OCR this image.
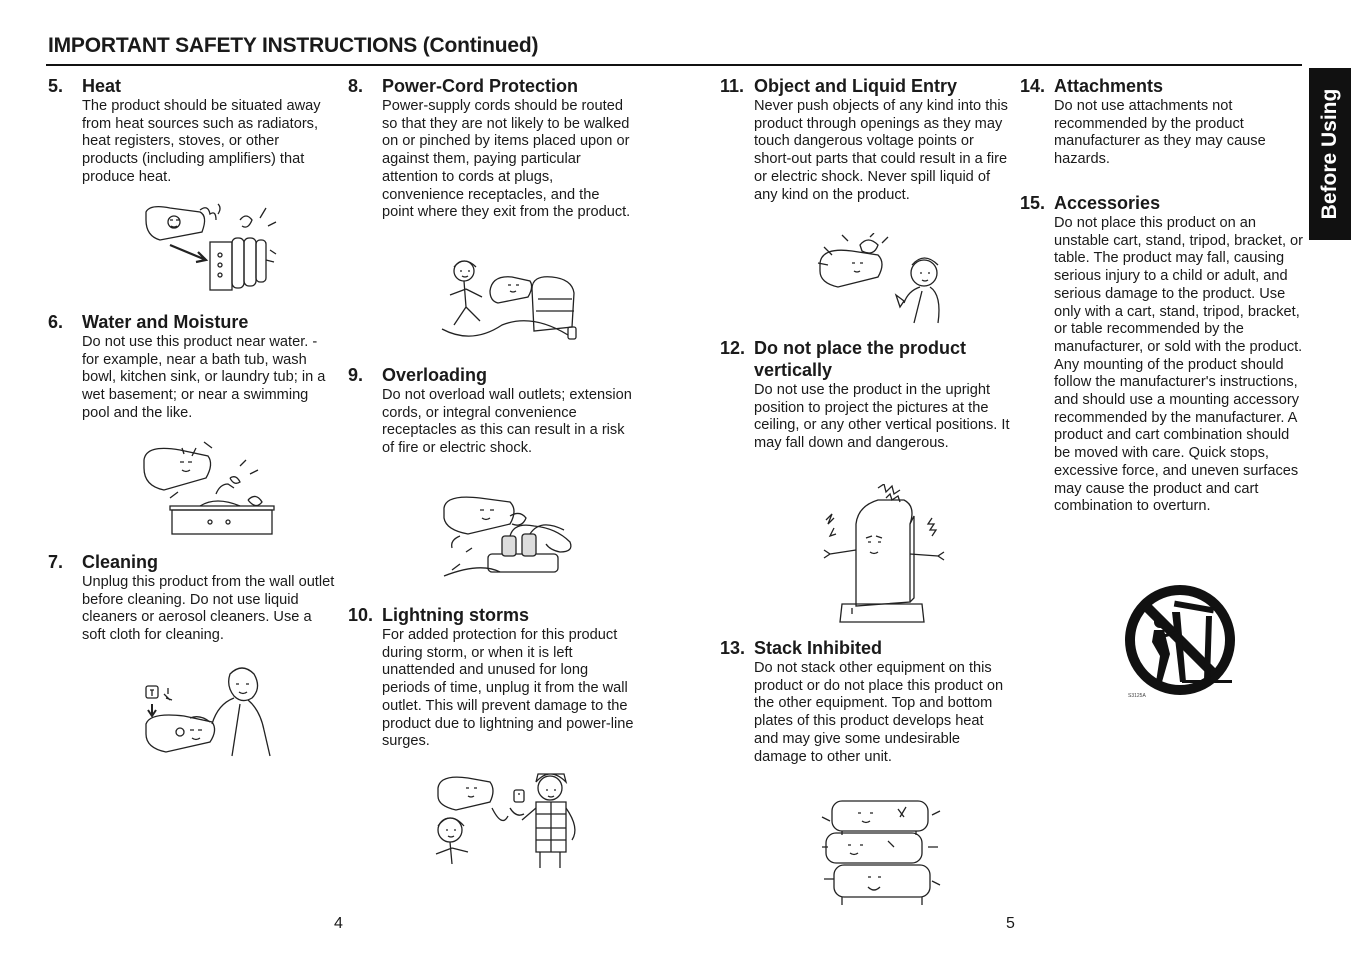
IMPORTANT SAFETY INSTRUCTIONS (Continued)
Before Using
5. Heat
The product should be situated away from heat sources such as radiators, heat registers, stoves, or other products (including amplifiers) that produce heat.
6. Water and Moisture
Do not use this product near water. - for example, near a bath tub, wash bowl, kitchen sink, or laundry tub; in a wet basement; or near a swimming pool and the like.
7. Cleaning
Unplug this product from the wall outlet before cleaning. Do not use liquid cleaners or aerosol cleaners. Use a soft cloth for cleaning.
8. Power-Cord Protection
Power-supply cords should be routed so that they are not likely to be walked on or pinched by items placed upon or against them, paying particular attention to cords at plugs, convenience receptacles, and the point where they exit from the product.
9. Overloading
Do not overload wall outlets; extension cords, or integral convenience receptacles as this can result in a risk of fire or electric shock.
10. Lightning storms
For added protection for this product during storm, or when it is left unattended and unused for long periods of time, unplug it from the wall outlet. This will prevent damage to the product due to lightning and power-line surges.
11. Object and Liquid Entry
Never push objects of any kind into this product through openings as they may touch dangerous voltage points or short-out parts that could result in a fire or electric shock. Never spill liquid of any kind on the product.
12. Do not place the product vertically
Do not use the product in the upright position to project the pictures at the ceiling, or any other vertical positions. It may fall down and dangerous.
13. Stack Inhibited
Do not stack other equipment on this product or do not place this product on the other equipment. Top and bottom plates of this product develops heat and may give some undesirable damage to other unit.
14. Attachments
Do not use attachments not recommended by the product manufacturer as they may cause hazards.
15. Accessories
Do not place this product on an unstable cart, stand, tripod, bracket, or table. The product may fall, causing serious injury to a child or adult, and serious damage to the product. Use only with a cart, stand, tripod, bracket, or table recommended by the manufacturer, or sold with the product. Any mounting of the product should follow the manufacturer's instructions, and should use a mounting accessory recommended by the manufacturer. A product and cart combination should be moved with care. Quick stops, excessive force, and uneven surfaces may cause the product and cart combination to overturn.
S3125A
4	5
